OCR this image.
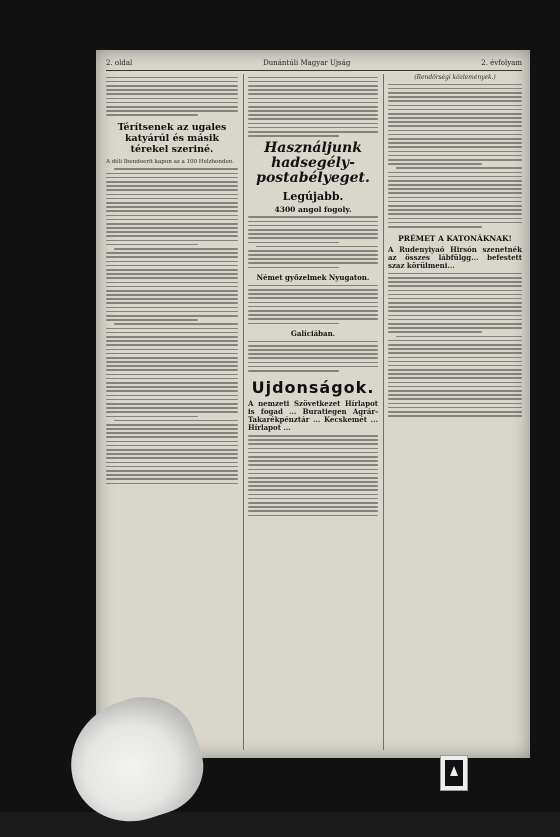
2. oldal	Dunántúli Magyar Ujság	2. évfolyam
Térítsenek az ugales katyárúl és másik térekel szeriné.
A déli Ibendoerit kapun az a 100 Helzhonden.
Használjunk hadsegély-postabélyeget.
Legújabb.
4300 angol fogoly.
Német győzelmek Nyugaton.
Galíciában.
Ujdonságok.
A nemzeti Szövetkezet Hírlapot is fogad ... Buratiegen Agrár-Takarékpénztár ... Kecskemét ... Hírlapot ...
(Rendőrségi közlemények.)
PRÉMET A KATONÁKNAK!
A Rudenyiyaó Hirsón szenetnék az összes lábfülgg... befestett szaz körülmeni...
